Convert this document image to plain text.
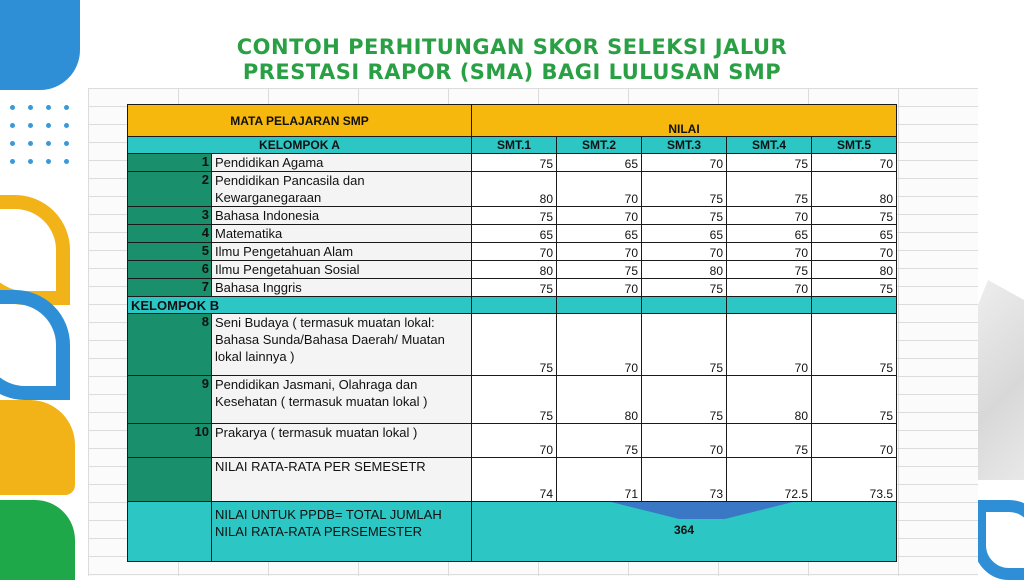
CONTOH PERHITUNGAN SKOR SELEKSI JALUR
PRESTASI RAPOR (SMA) BAGI LULUSAN SMP
MATA PELAJARAN SMP		NILAI				
KELOMPOK A		SMT.1	SMT.2	SMT.3	SMT.4	SMT.5
1	Pendidikan Agama	75	65	70	75	70
2	Pendidikan Pancasila dan Kewarganegaraan	80	70	75	75	80
3	Bahasa Indonesia	75	70	75	70	75
4	Matematika	65	65	65	65	65
5	Ilmu Pengetahuan Alam	70	70	70	70	70
6	Ilmu Pengetahuan Sosial	80	75	80	75	80
7	Bahasa Inggris	75	70	75	70	75
KELOMPOK B						
8	Seni Budaya ( termasuk muatan lokal: Bahasa Sunda/Bahasa Daerah/ Muatan lokal lainnya )	75	70	75	70	75
9	Pendidikan Jasmani, Olahraga dan Kesehatan ( termasuk muatan lokal )	75	80	75	80	75
10	Prakarya ( termasuk muatan lokal )	70	75	70	75	70
	NILAI RATA-RATA PER SEMESETR	74	71	73	72.5	73.5
	NILAI UNTUK PPDB= TOTAL JUMLAH NILAI RATA-RATA PERSEMESTER	364				
